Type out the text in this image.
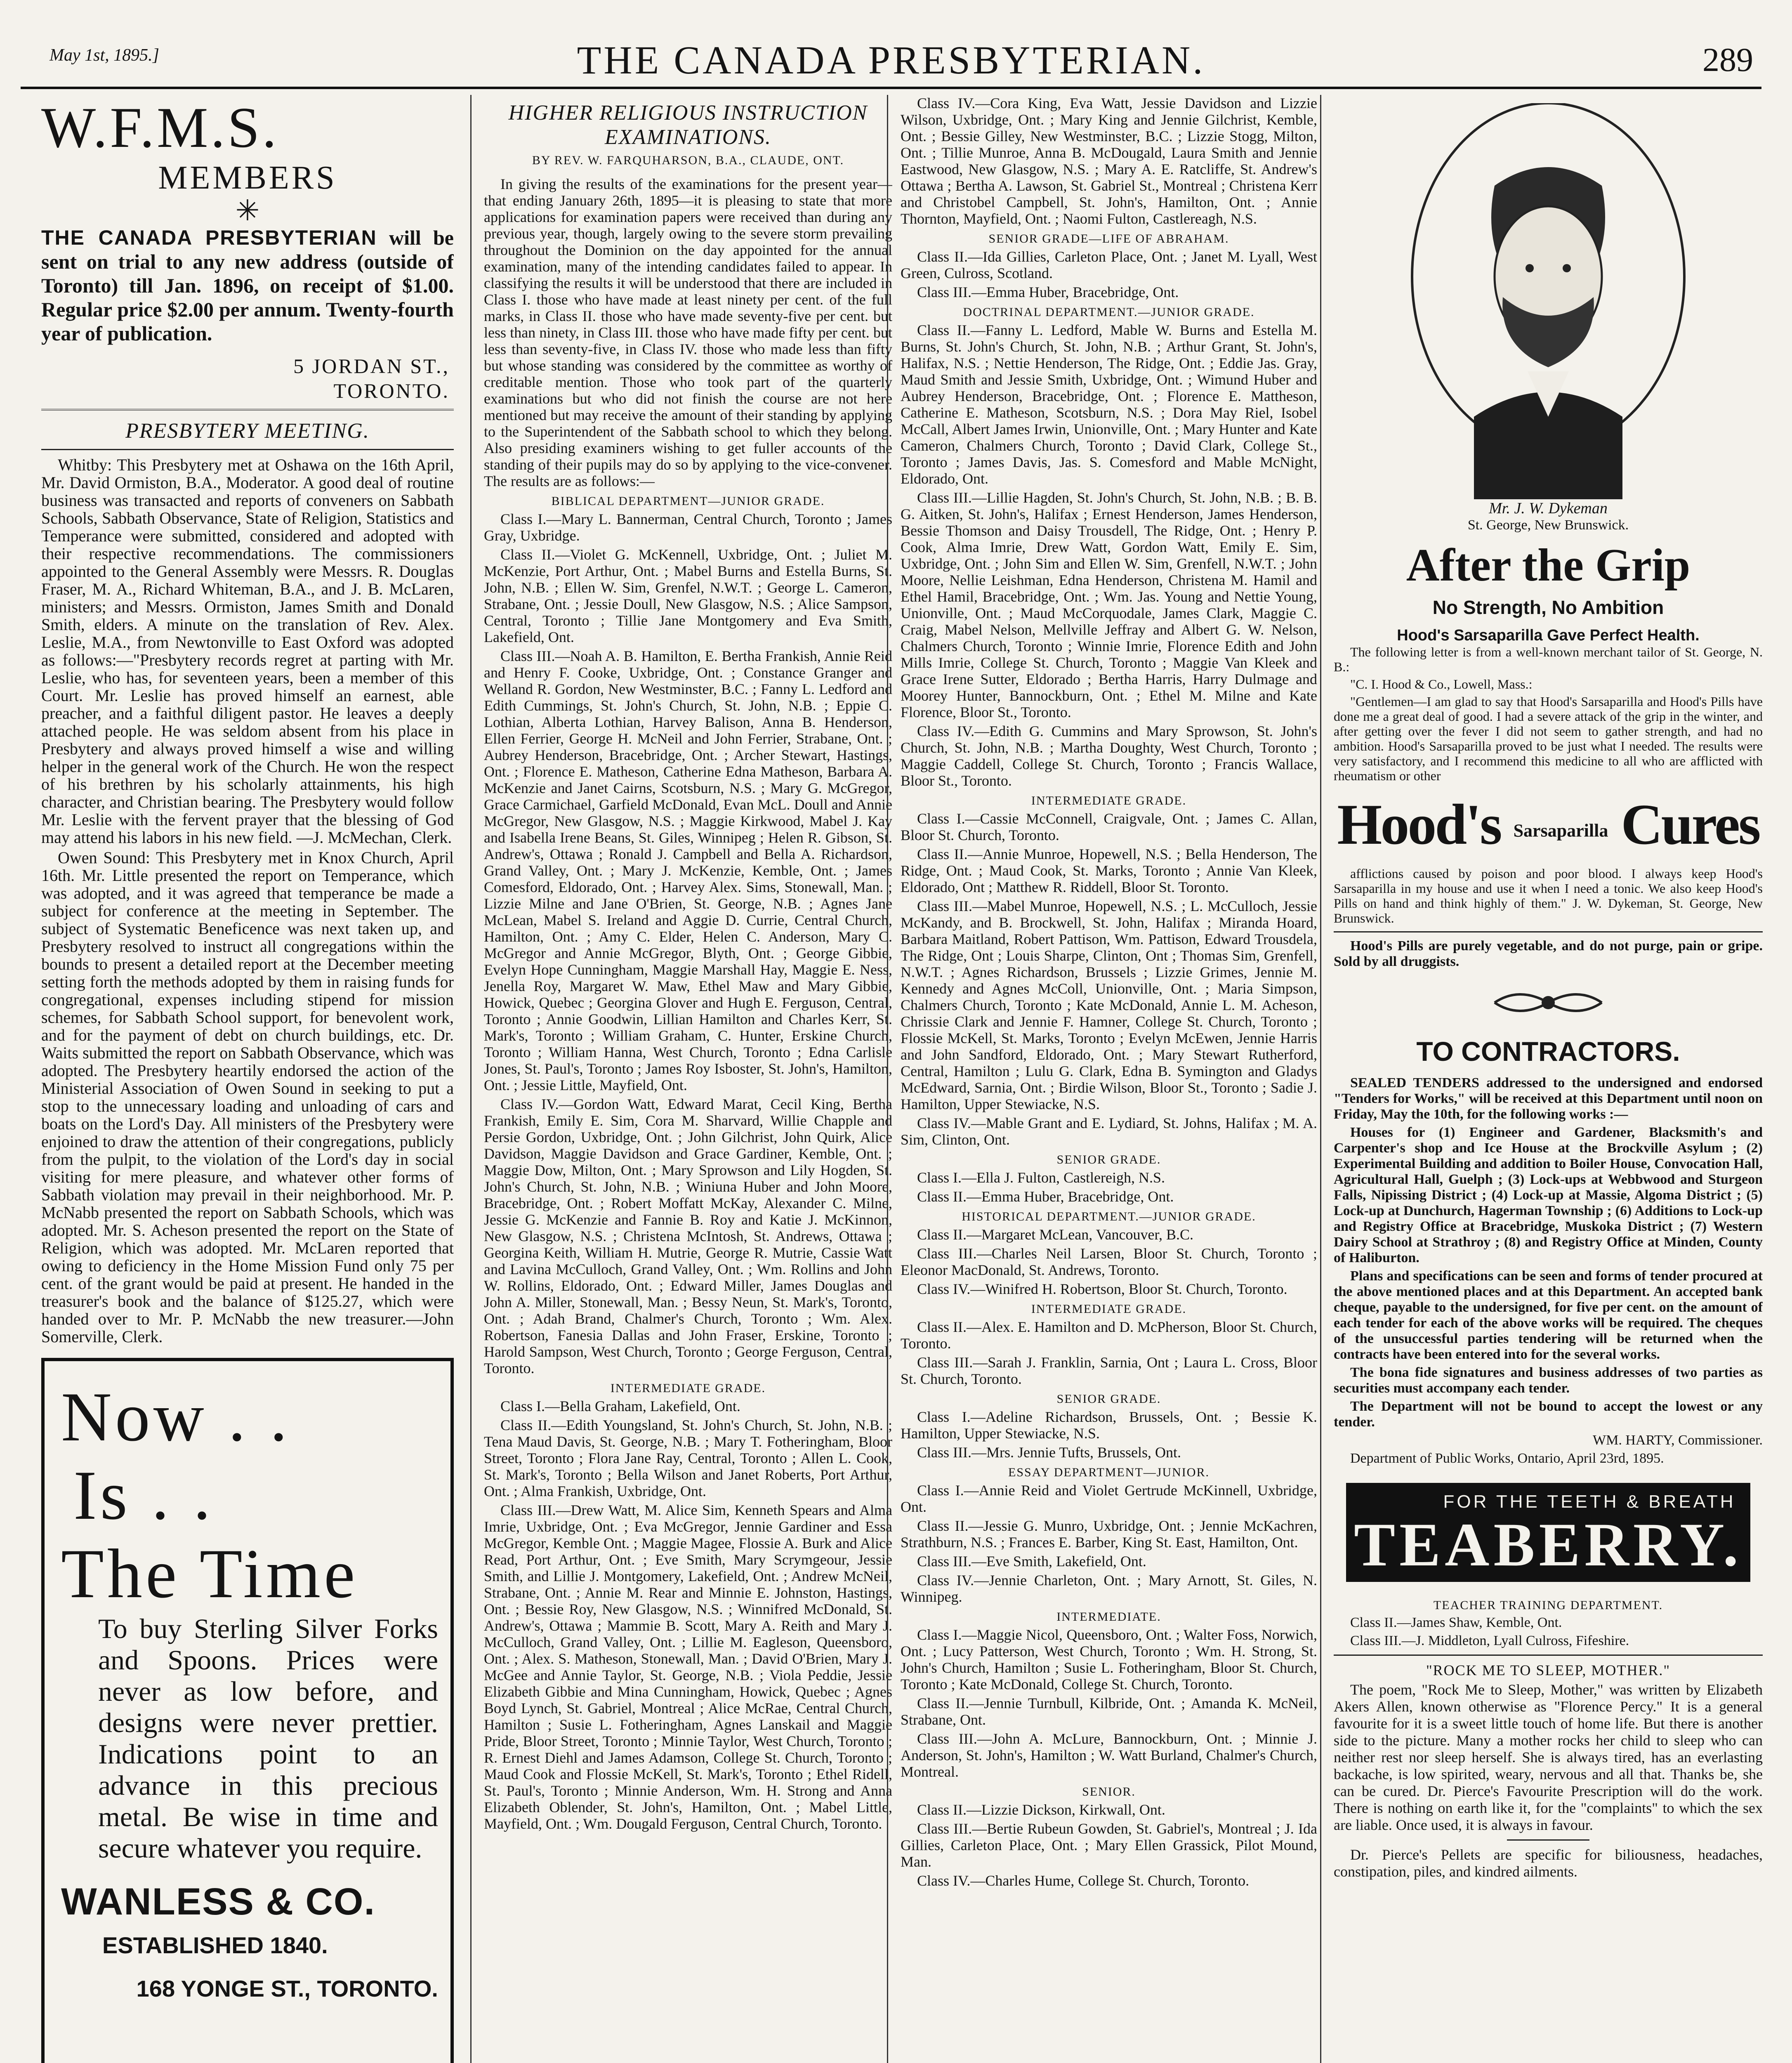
May 1st, 1895.]	THE CANADA PRESBYTERIAN.	289
W.F.M.S.
MEMBERS
✳
THE CANADA PRESBYTERIAN will be sent on trial to any new address (outside of Toronto) till Jan. 1896, on receipt of $1.00. Regular price $2.00 per annum. Twenty-fourth year of publication.
5 JORDAN ST.,
TORONTO.
PRESBYTERY MEETING.

Whitby: This Presbytery met at Oshawa on the 16th April, Mr. David Ormiston, B.A., Moderator. A good deal of routine business was transacted and reports of conveners on Sabbath Schools, Sabbath Observance, State of Religion, Statistics and Temperance were submitted, considered and adopted with their respective recommendations. The commissioners appointed to the General Assembly were Messrs. R. Douglas Fraser, M. A., Richard Whiteman, B.A., and J. B. McLaren, ministers; and Messrs. Ormiston, James Smith and Donald Smith, elders. A minute on the translation of Rev. Alex. Leslie, M.A., from Newtonville to East Oxford was adopted as follows:—"Presbytery records regret at parting with Mr. Leslie, who has, for seventeen years, been a member of this Court. Mr. Leslie has proved himself an earnest, able preacher, and a faithful diligent pastor. He leaves a deeply attached people. He was seldom absent from his place in Presbytery and always proved himself a wise and willing helper in the general work of the Church. He won the respect of his brethren by his scholarly attainments, his high character, and Christian bearing. The Presbytery would follow Mr. Leslie with the fervent prayer that the blessing of God may attend his labors in his new field. —J. McMechan, Clerk.

Owen Sound: This Presbytery met in Knox Church, April 16th. Mr. Little presented the report on Temperance, which was adopted, and it was agreed that temperance be made a subject for conference at the meeting in September. The subject of Systematic Beneficence was next taken up, and Presbytery resolved to instruct all congregations within the bounds to present a detailed report at the December meeting setting forth the methods adopted by them in raising funds for congregational, expenses including stipend for mission schemes, for Sabbath School support, for benevolent work, and for the payment of debt on church buildings, etc. Dr. Waits submitted the report on Sabbath Observance, which was adopted. The Presbytery heartily endorsed the action of the Ministerial Association of Owen Sound in seeking to put a stop to the unnecessary loading and unloading of cars and boats on the Lord's Day. All ministers of the Presbytery were enjoined to draw the attention of their congregations, publicly from the pulpit, to the violation of the Lord's day in social visiting for mere pleasure, and whatever other forms of Sabbath violation may prevail in their neighborhood. Mr. P. McNabb presented the report on Sabbath Schools, which was adopted. Mr. S. Acheson presented the report on the State of Religion, which was adopted. Mr. McLaren reported that owing to deficiency in the Home Mission Fund only 75 per cent. of the grant would be paid at present. He handed in the treasurer's book and the balance of $125.27, which were handed over to Mr. P. McNabb the new treasurer.—John Somerville, Clerk.

Now . .
Is . .
The Time
To buy Sterling Silver Forks and Spoons. Prices were never as low before, and designs were never prettier. Indications point to an advance in this precious metal. Be wise in time and secure whatever you require.
WANLESS & CO.
ESTABLISHED 1840.
168 YONGE ST., TORONTO.
HIGHER RELIGIOUS INSTRUCTION EXAMINATIONS.
BY REV. W. FARQUHARSON, B.A., CLAUDE, ONT.

In giving the results of the examinations for the present year—that ending January 26th, 1895—it is pleasing to state that more applications for examination papers were received than during any previous year, though, largely owing to the severe storm prevailing throughout the Dominion on the day appointed for the annual examination, many of the intending candidates failed to appear. In classifying the results it will be understood that there are included in Class I. those who have made at least ninety per cent. of the full marks, in Class II. those who have made seventy-five per cent. but less than ninety, in Class III. those who have made fifty per cent. but less than seventy-five, in Class IV. those who made less than fifty but whose standing was considered by the committee as worthy of creditable mention. Those who took part of the quarterly examinations but who did not finish the course are not here mentioned but may receive the amount of their standing by applying to the Superintendent of the Sabbath school to which they belong. Also presiding examiners wishing to get fuller accounts of the standing of their pupils may do so by applying to the vice-convener. The results are as follows:—

BIBLICAL DEPARTMENT—JUNIOR GRADE.

Class I.—Mary L. Bannerman, Central Church, Toronto ; James Gray, Uxbridge.

Class II.—Violet G. McKennell, Uxbridge, Ont. ; Juliet M. McKenzie, Port Arthur, Ont. ; Mabel Burns and Estella Burns, St. John, N.B. ; Ellen W. Sim, Grenfel, N.W.T. ; George L. Cameron, Strabane, Ont. ; Jessie Doull, New Glasgow, N.S. ; Alice Sampson, Central, Toronto ; Tillie Jane Montgomery and Eva Smith, Lakefield, Ont.

Class III.—Noah A. B. Hamilton, E. Bertha Frankish, Annie Reid and Henry F. Cooke, Uxbridge, Ont. ; Constance Granger and Welland R. Gordon, New Westminster, B.C. ; Fanny L. Ledford and Edith Cummings, St. John's Church, St. John, N.B. ; Eppie C. Lothian, Alberta Lothian, Harvey Balison, Anna B. Henderson, Ellen Ferrier, George H. McNeil and John Ferrier, Strabane, Ont. ; Aubrey Henderson, Bracebridge, Ont. ; Archer Stewart, Hastings, Ont. ; Florence E. Matheson, Catherine Edna Matheson, Barbara A. McKenzie and Janet Cairns, Scotsburn, N.S. ; Mary G. McGregor, Grace Carmichael, Garfield McDonald, Evan McL. Doull and Annie McGregor, New Glasgow, N.S. ; Maggie Kirkwood, Mabel J. Kay and Isabella Irene Beans, St. Giles, Winnipeg ; Helen R. Gibson, St. Andrew's, Ottawa ; Ronald J. Campbell and Bella A. Richardson, Grand Valley, Ont. ; Mary J. McKenzie, Kemble, Ont. ; James Comesford, Eldorado, Ont. ; Harvey Alex. Sims, Stonewall, Man. ; Lizzie Milne and Jane O'Brien, St. George, N.B. ; Agnes Jane McLean, Mabel S. Ireland and Aggie D. Currie, Central Church, Hamilton, Ont. ; Amy C. Elder, Helen C. Anderson, Mary C. McGregor and Annie McGregor, Blyth, Ont. ; George Gibbie, Evelyn Hope Cunningham, Maggie Marshall Hay, Maggie E. Ness, Jenella Roy, Margaret W. Maw, Ethel Maw and Mary Gibbie, Howick, Quebec ; Georgina Glover and Hugh E. Ferguson, Central, Toronto ; Annie Goodwin, Lillian Hamilton and Charles Kerr, St. Mark's, Toronto ; William Graham, C. Hunter, Erskine Church, Toronto ; William Hanna, West Church, Toronto ; Edna Carlisle Jones, St. Paul's, Toronto ; James Roy Isboster, St. John's, Hamilton, Ont. ; Jessie Little, Mayfield, Ont.

Class IV.—Gordon Watt, Edward Marat, Cecil King, Bertha Frankish, Emily E. Sim, Cora M. Sharvard, Willie Chapple and Persie Gordon, Uxbridge, Ont. ; John Gilchrist, John Quirk, Alice Davidson, Maggie Davidson and Grace Gardiner, Kemble, Ont. ; Maggie Dow, Milton, Ont. ; Mary Sprowson and Lily Hogden, St. John's Church, St. John, N.B. ; Winiuna Huber and John Moore, Bracebridge, Ont. ; Robert Moffatt McKay, Alexander C. Milne, Jessie G. McKenzie and Fannie B. Roy and Katie J. McKinnon, New Glasgow, N.S. ; Christena McIntosh, St. Andrews, Ottawa ; Georgina Keith, William H. Mutrie, George R. Mutrie, Cassie Watt and Lavina McCulloch, Grand Valley, Ont. ; Wm. Rollins and John W. Rollins, Eldorado, Ont. ; Edward Miller, James Douglas and John A. Miller, Stonewall, Man. ; Bessy Neun, St. Mark's, Toronto, Ont. ; Adah Brand, Chalmer's Church, Toronto ; Wm. Alex. Robertson, Fanesia Dallas and John Fraser, Erskine, Toronto ; Harold Sampson, West Church, Toronto ; George Ferguson, Central, Toronto.

INTERMEDIATE GRADE.

Class I.—Bella Graham, Lakefield, Ont.

Class II.—Edith Youngsland, St. John's Church, St. John, N.B. ; Tena Maud Davis, St. George, N.B. ; Mary T. Fotheringham, Bloor Street, Toronto ; Flora Jane Ray, Central, Toronto ; Allen L. Cook, St. Mark's, Toronto ; Bella Wilson and Janet Roberts, Port Arthur, Ont. ; Alma Frankish, Uxbridge, Ont.

Class III.—Drew Watt, M. Alice Sim, Kenneth Spears and Alma Imrie, Uxbridge, Ont. ; Eva McGregor, Jennie Gardiner and Essa McGregor, Kemble Ont. ; Maggie Magee, Flossie A. Burk and Alice Read, Port Arthur, Ont. ; Eve Smith, Mary Scrymgeour, Jessie Smith, and Lillie J. Montgomery, Lakefield, Ont. ; Andrew McNeil, Strabane, Ont. ; Annie M. Rear and Minnie E. Johnston, Hastings, Ont. ; Bessie Roy, New Glasgow, N.S. ; Winnifred McDonald, St. Andrew's, Ottawa ; Mammie B. Scott, Mary A. Reith and Mary J. McCulloch, Grand Valley, Ont. ; Lillie M. Eagleson, Queensboro, Ont. ; Alex. S. Matheson, Stonewall, Man. ; David O'Brien, Mary J. McGee and Annie Taylor, St. George, N.B. ; Viola Peddie, Jessie Elizabeth Gibbie and Mina Cunningham, Howick, Quebec ; Agnes Boyd Lynch, St. Gabriel, Montreal ; Alice McRae, Central Church, Hamilton ; Susie L. Fotheringham, Agnes Lanskail and Maggie Pride, Bloor Street, Toronto ; Minnie Taylor, West Church, Toronto ; R. Ernest Diehl and James Adamson, College St. Church, Toronto ; Maud Cook and Flossie McKell, St. Mark's, Toronto ; Ethel Ridell, St. Paul's, Toronto ; Minnie Anderson, Wm. H. Strong and Anna Elizabeth Oblender, St. John's, Hamilton, Ont. ; Mabel Little, Mayfield, Ont. ; Wm. Dougald Ferguson, Central Church, Toronto.

Class IV.—Cora King, Eva Watt, Jessie Davidson and Lizzie Wilson, Uxbridge, Ont. ; Mary King and Jennie Gilchrist, Kemble, Ont. ; Bessie Gilley, New Westminster, B.C. ; Lizzie Stogg, Milton, Ont. ; Tillie Munroe, Anna B. McDougald, Laura Smith and Jennie Eastwood, New Glasgow, N.S. ; Mary A. E. Ratcliffe, St. Andrew's Ottawa ; Bertha A. Lawson, St. Gabriel St., Montreal ; Christena Kerr and Christobel Campbell, St. John's, Hamilton, Ont. ; Annie Thornton, Mayfield, Ont. ; Naomi Fulton, Castlereagh, N.S.

SENIOR GRADE—LIFE OF ABRAHAM.

Class II.—Ida Gillies, Carleton Place, Ont. ; Janet M. Lyall, West Green, Culross, Scotland.

Class III.—Emma Huber, Bracebridge, Ont.

DOCTRINAL DEPARTMENT.—JUNIOR GRADE.

Class II.—Fanny L. Ledford, Mable W. Burns and Estella M. Burns, St. John's Church, St. John, N.B. ; Arthur Grant, St. John's, Halifax, N.S. ; Nettie Henderson, The Ridge, Ont. ; Eddie Jas. Gray, Maud Smith and Jessie Smith, Uxbridge, Ont. ; Wimund Huber and Aubrey Henderson, Bracebridge, Ont. ; Florence E. Mattheson, Catherine E. Matheson, Scotsburn, N.S. ; Dora May Riel, Isobel McCall, Albert James Irwin, Unionville, Ont. ; Mary Hunter and Kate Cameron, Chalmers Church, Toronto ; David Clark, College St., Toronto ; James Davis, Jas. S. Comesford and Mable McNight, Eldorado, Ont.

Class III.—Lillie Hagden, St. John's Church, St. John, N.B. ; B. B. G. Aitken, St. John's, Halifax ; Ernest Henderson, James Henderson, Bessie Thomson and Daisy Trousdell, The Ridge, Ont. ; Henry P. Cook, Alma Imrie, Drew Watt, Gordon Watt, Emily E. Sim, Uxbridge, Ont. ; John Sim and Ellen W. Sim, Grenfell, N.W.T. ; John Moore, Nellie Leishman, Edna Henderson, Christena M. Hamil and Ethel Hamil, Bracebridge, Ont. ; Wm. Jas. Young and Nettie Young, Unionville, Ont. ; Maud McCorquodale, James Clark, Maggie C. Craig, Mabel Nelson, Mellville Jeffray and Albert G. W. Nelson, Chalmers Church, Toronto ; Winnie Imrie, Florence Edith and John Mills Imrie, College St. Church, Toronto ; Maggie Van Kleek and Grace Irene Sutter, Eldorado ; Bertha Harris, Harry Dulmage and Moorey Hunter, Bannockburn, Ont. ; Ethel M. Milne and Kate Florence, Bloor St., Toronto.

Class IV.—Edith G. Cummins and Mary Sprowson, St. John's Church, St. John, N.B. ; Martha Doughty, West Church, Toronto ; Maggie Caddell, College St. Church, Toronto ; Francis Wallace, Bloor St., Toronto.

INTERMEDIATE GRADE.

Class I.—Cassie McConnell, Craigvale, Ont. ; James C. Allan, Bloor St. Church, Toronto.

Class II.—Annie Munroe, Hopewell, N.S. ; Bella Henderson, The Ridge, Ont. ; Maud Cook, St. Marks, Toronto ; Annie Van Kleek, Eldorado, Ont ; Matthew R. Riddell, Bloor St. Toronto.

Class III.—Mabel Munroe, Hopewell, N.S. ; L. McCulloch, Jessie McKandy, and B. Brockwell, St. John, Halifax ; Miranda Hoard, Barbara Maitland, Robert Pattison, Wm. Pattison, Edward Trousdela, The Ridge, Ont ; Louis Sharpe, Clinton, Ont ; Thomas Sim, Grenfell, N.W.T. ; Agnes Richardson, Brussels ; Lizzie Grimes, Jennie M. Kennedy and Agnes McColl, Unionville, Ont. ; Maria Simpson, Chalmers Church, Toronto ; Kate McDonald, Annie L. M. Acheson, Chrissie Clark and Jennie F. Hamner, College St. Church, Toronto ; Flossie McKell, St. Marks, Toronto ; Evelyn McEwen, Jennie Harris and John Sandford, Eldorado, Ont. ; Mary Stewart Rutherford, Central, Hamilton ; Lulu G. Clark, Edna B. Symington and Gladys McEdward, Sarnia, Ont. ; Birdie Wilson, Bloor St., Toronto ; Sadie J. Hamilton, Upper Stewiacke, N.S.

Class IV.—Mable Grant and E. Lydiard, St. Johns, Halifax ; M. A. Sim, Clinton, Ont.

SENIOR GRADE.

Class I.—Ella J. Fulton, Castlereigh, N.S.

Class II.—Emma Huber, Bracebridge, Ont.

HISTORICAL DEPARTMENT.—JUNIOR GRADE.

Class II.—Margaret McLean, Vancouver, B.C.

Class III.—Charles Neil Larsen, Bloor St. Church, Toronto ; Eleonor MacDonald, St. Andrews, Toronto.

Class IV.—Winifred H. Robertson, Bloor St. Church, Toronto.

INTERMEDIATE GRADE.

Class II.—Alex. E. Hamilton and D. McPherson, Bloor St. Church, Toronto.

Class III.—Sarah J. Franklin, Sarnia, Ont ; Laura L. Cross, Bloor St. Church, Toronto.

SENIOR GRADE.

Class I.—Adeline Richardson, Brussels, Ont. ; Bessie K. Hamilton, Upper Stewiacke, N.S.

Class III.—Mrs. Jennie Tufts, Brussels, Ont.

ESSAY DEPARTMENT—JUNIOR.

Class I.—Annie Reid and Violet Gertrude McKinnell, Uxbridge, Ont.

Class II.—Jessie G. Munro, Uxbridge, Ont. ; Jennie McKachren, Strathburn, N.S. ; Frances E. Barber, King St. East, Hamilton, Ont.

Class III.—Eve Smith, Lakefield, Ont.

Class IV.—Jennie Charleton, Ont. ; Mary Arnott, St. Giles, N. Winnipeg.

INTERMEDIATE.

Class I.—Maggie Nicol, Queensboro, Ont. ; Walter Foss, Norwich, Ont. ; Lucy Patterson, West Church, Toronto ; Wm. H. Strong, St. John's Church, Hamilton ; Susie L. Fotheringham, Bloor St. Church, Toronto ; Kate McDonald, College St. Church, Toronto.

Class II.—Jennie Turnbull, Kilbride, Ont. ; Amanda K. McNeil, Strabane, Ont.

Class III.—John A. McLure, Bannockburn, Ont. ; Minnie J. Anderson, St. John's, Hamilton ; W. Watt Burland, Chalmer's Church, Montreal.

SENIOR.

Class II.—Lizzie Dickson, Kirkwall, Ont.

Class III.—Bertie Rubeun Gowden, St. Gabriel's, Montreal ; J. Ida Gillies, Carleton Place, Ont. ; Mary Ellen Grassick, Pilot Mound, Man.

Class IV.—Charles Hume, College St. Church, Toronto.

Mr. J. W. Dykeman
St. George, New Brunswick.
After the Grip
No Strength, No Ambition
Hood's Sarsaparilla Gave Perfect Health.

The following letter is from a well-known merchant tailor of St. George, N. B.:

"C. I. Hood & Co., Lowell, Mass.:

"Gentlemen—I am glad to say that Hood's Sarsaparilla and Hood's Pills have done me a great deal of good. I had a severe attack of the grip in the winter, and after getting over the fever I did not seem to gather strength, and had no ambition. Hood's Sarsaparilla proved to be just what I needed. The results were very satisfactory, and I recommend this medicine to all who are afflicted with rheumatism or other

Hood's Sarsaparilla Cures

afflictions caused by poison and poor blood. I always keep Hood's Sarsaparilla in my house and use it when I need a tonic. We also keep Hood's Pills on hand and think highly of them." J. W. Dykeman, St. George, New Brunswick.

Hood's Pills are purely vegetable, and do not purge, pain or gripe. Sold by all druggists.

TO CONTRACTORS.

SEALED TENDERS addressed to the undersigned and endorsed "Tenders for Works," will be received at this Department until noon on Friday, May the 10th, for the following works :—

Houses for (1) Engineer and Gardener, Blacksmith's and Carpenter's shop and Ice House at the Brockville Asylum ; (2) Experimental Building and addition to Boiler House, Convocation Hall, Agricultural Hall, Guelph ; (3) Lock-ups at Webbwood and Sturgeon Falls, Nipissing District ; (4) Lock-up at Massie, Algoma District ; (5) Lock-up at Dunchurch, Hagerman Township ; (6) Additions to Lock-up and Registry Office at Bracebridge, Muskoka District ; (7) Western Dairy School at Strathroy ; (8) and Registry Office at Minden, County of Haliburton.

Plans and specifications can be seen and forms of tender procured at the above mentioned places and at this Department. An accepted bank cheque, payable to the undersigned, for five per cent. on the amount of each tender for each of the above works will be required. The cheques of the unsuccessful parties tendering will be returned when the contracts have been entered into for the several works.

The bona fide signatures and business addresses of two parties as securities must accompany each tender.

The Department will not be bound to accept the lowest or any tender.

WM. HARTY, Commissioner.

Department of Public Works, Ontario, April 23rd, 1895.

FOR THE TEETH & BREATH
TEABERRY.
TEACHER TRAINING DEPARTMENT.

Class II.—James Shaw, Kemble, Ont.

Class III.—J. Middleton, Lyall Culross, Fifeshire.

"ROCK ME TO SLEEP, MOTHER."

The poem, "Rock Me to Sleep, Mother," was written by Elizabeth Akers Allen, known otherwise as "Florence Percy." It is a general favourite for it is a sweet little touch of home life. But there is another side to the picture. Many a mother rocks her child to sleep who can neither rest nor sleep herself. She is always tired, has an everlasting backache, is low spirited, weary, nervous and all that. Thanks be, she can be cured. Dr. Pierce's Favourite Prescription will do the work. There is nothing on earth like it, for the "complaints" to which the sex are liable. Once used, it is always in favour.

Dr. Pierce's Pellets are specific for biliousness, headaches, constipation, piles, and kindred ailments.
